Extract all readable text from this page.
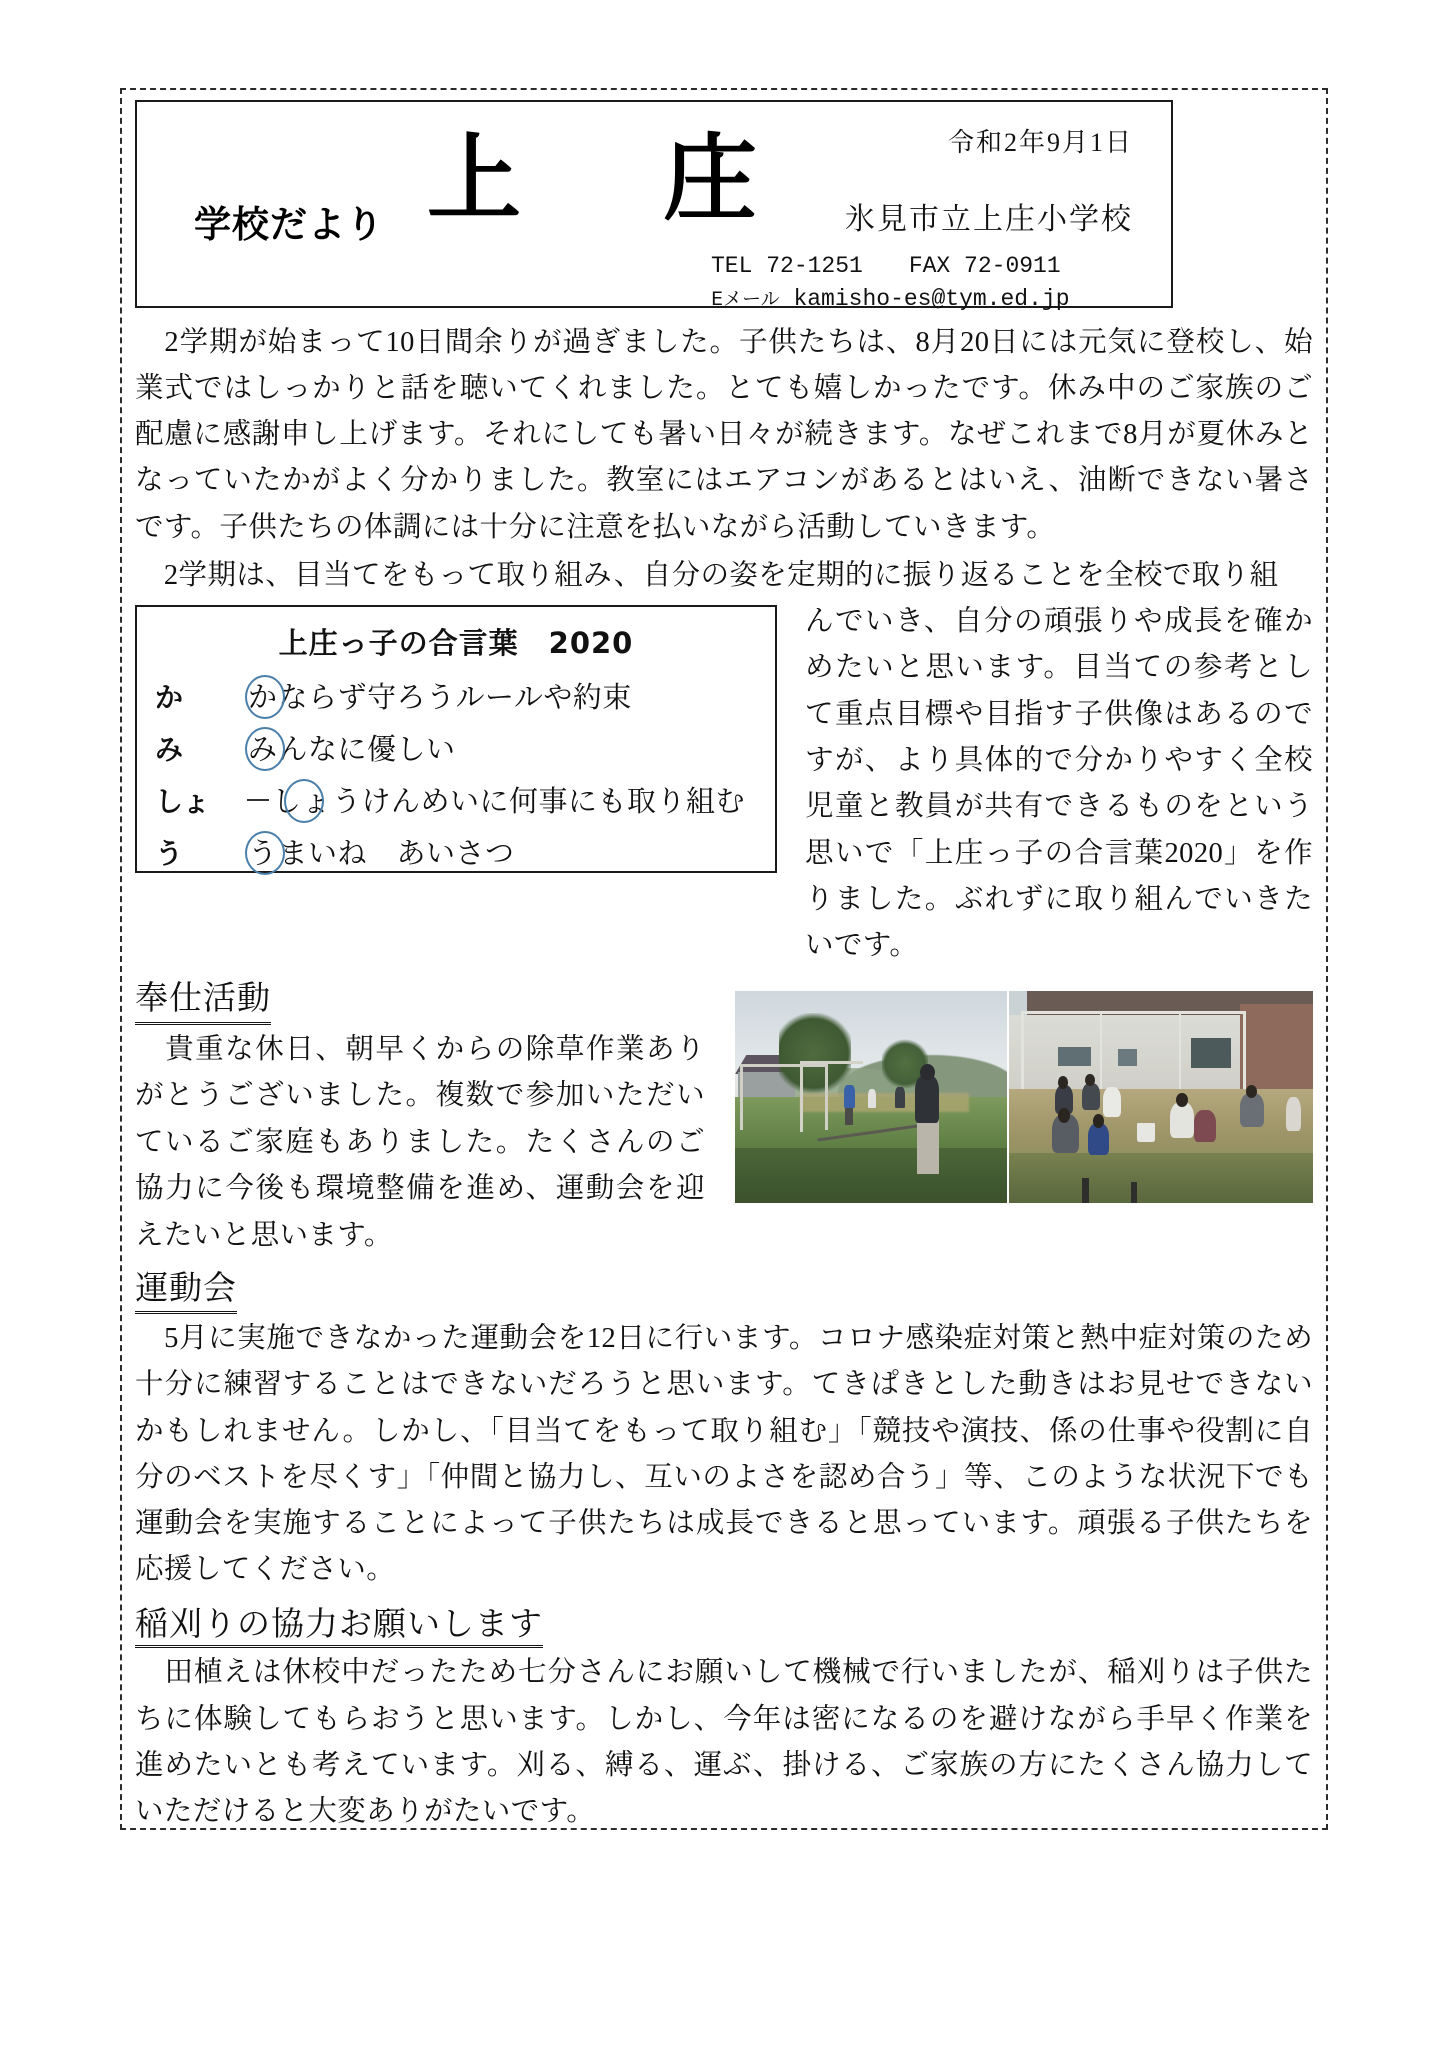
学校だより 上　庄	令和2年9月1日
氷見市立上庄小学校
TEL 72-1251 FAX 72-0911
Eメール kamisho-es@tym.ed.jp

2学期が始まって10日間余りが過ぎました。子供たちは、8月20日には元気に登校し、始業式ではしっかりと話を聴いてくれました。とても嬉しかったです。休み中のご家族のご配慮に感謝申し上げます。それにしても暑い日々が続きます。なぜこれまで8月が夏休みとなっていたかがよく分かりました。教室にはエアコンがあるとはいえ、油断できない暑さです。子供たちの体調には十分に注意を払いながら活動していきます。

2学期は、目当てをもって取り組み、自分の姿を定期的に振り返ることを全校で取り組

上庄っ子の合言葉　2020
か	かならず守ろうルールや約束
み	みんなに優しい
しょ	しょうけんめいに何事にも取り組む
う	うまいね　あいさつ

んでいき、自分の頑張りや成長を確かめたいと思います。目当ての参考として重点目標や目指す子供像はあるのですが、より具体的で分かりやすく全校児童と教員が共有できるものをという思いで「上庄っ子の合言葉2020」を作りました。ぶれずに取り組んでいきたいです。

奉仕活動

貴重な休日、朝早くからの除草作業ありがとうございました。複数で参加いただいているご家庭もありました。たくさんのご協力に今後も環境整備を進め、運動会を迎えたいと思います。

運動会

5月に実施できなかった運動会を12日に行います。コロナ感染症対策と熱中症対策のため十分に練習することはできないだろうと思います。てきぱきとした動きはお見せできないかもしれません。しかし、「目当てをもって取り組む」「競技や演技、係の仕事や役割に自分のベストを尽くす」「仲間と協力し、互いのよさを認め合う」等、このような状況下でも運動会を実施することによって子供たちは成長できると思っています。頑張る子供たちを応援してください。

稲刈りの協力お願いします

田植えは休校中だったため七分さんにお願いして機械で行いましたが、稲刈りは子供たちに体験してもらおうと思います。しかし、今年は密になるのを避けながら手早く作業を進めたいとも考えています。刈る、縛る、運ぶ、掛ける、ご家族の方にたくさん協力していただけると大変ありがたいです。
